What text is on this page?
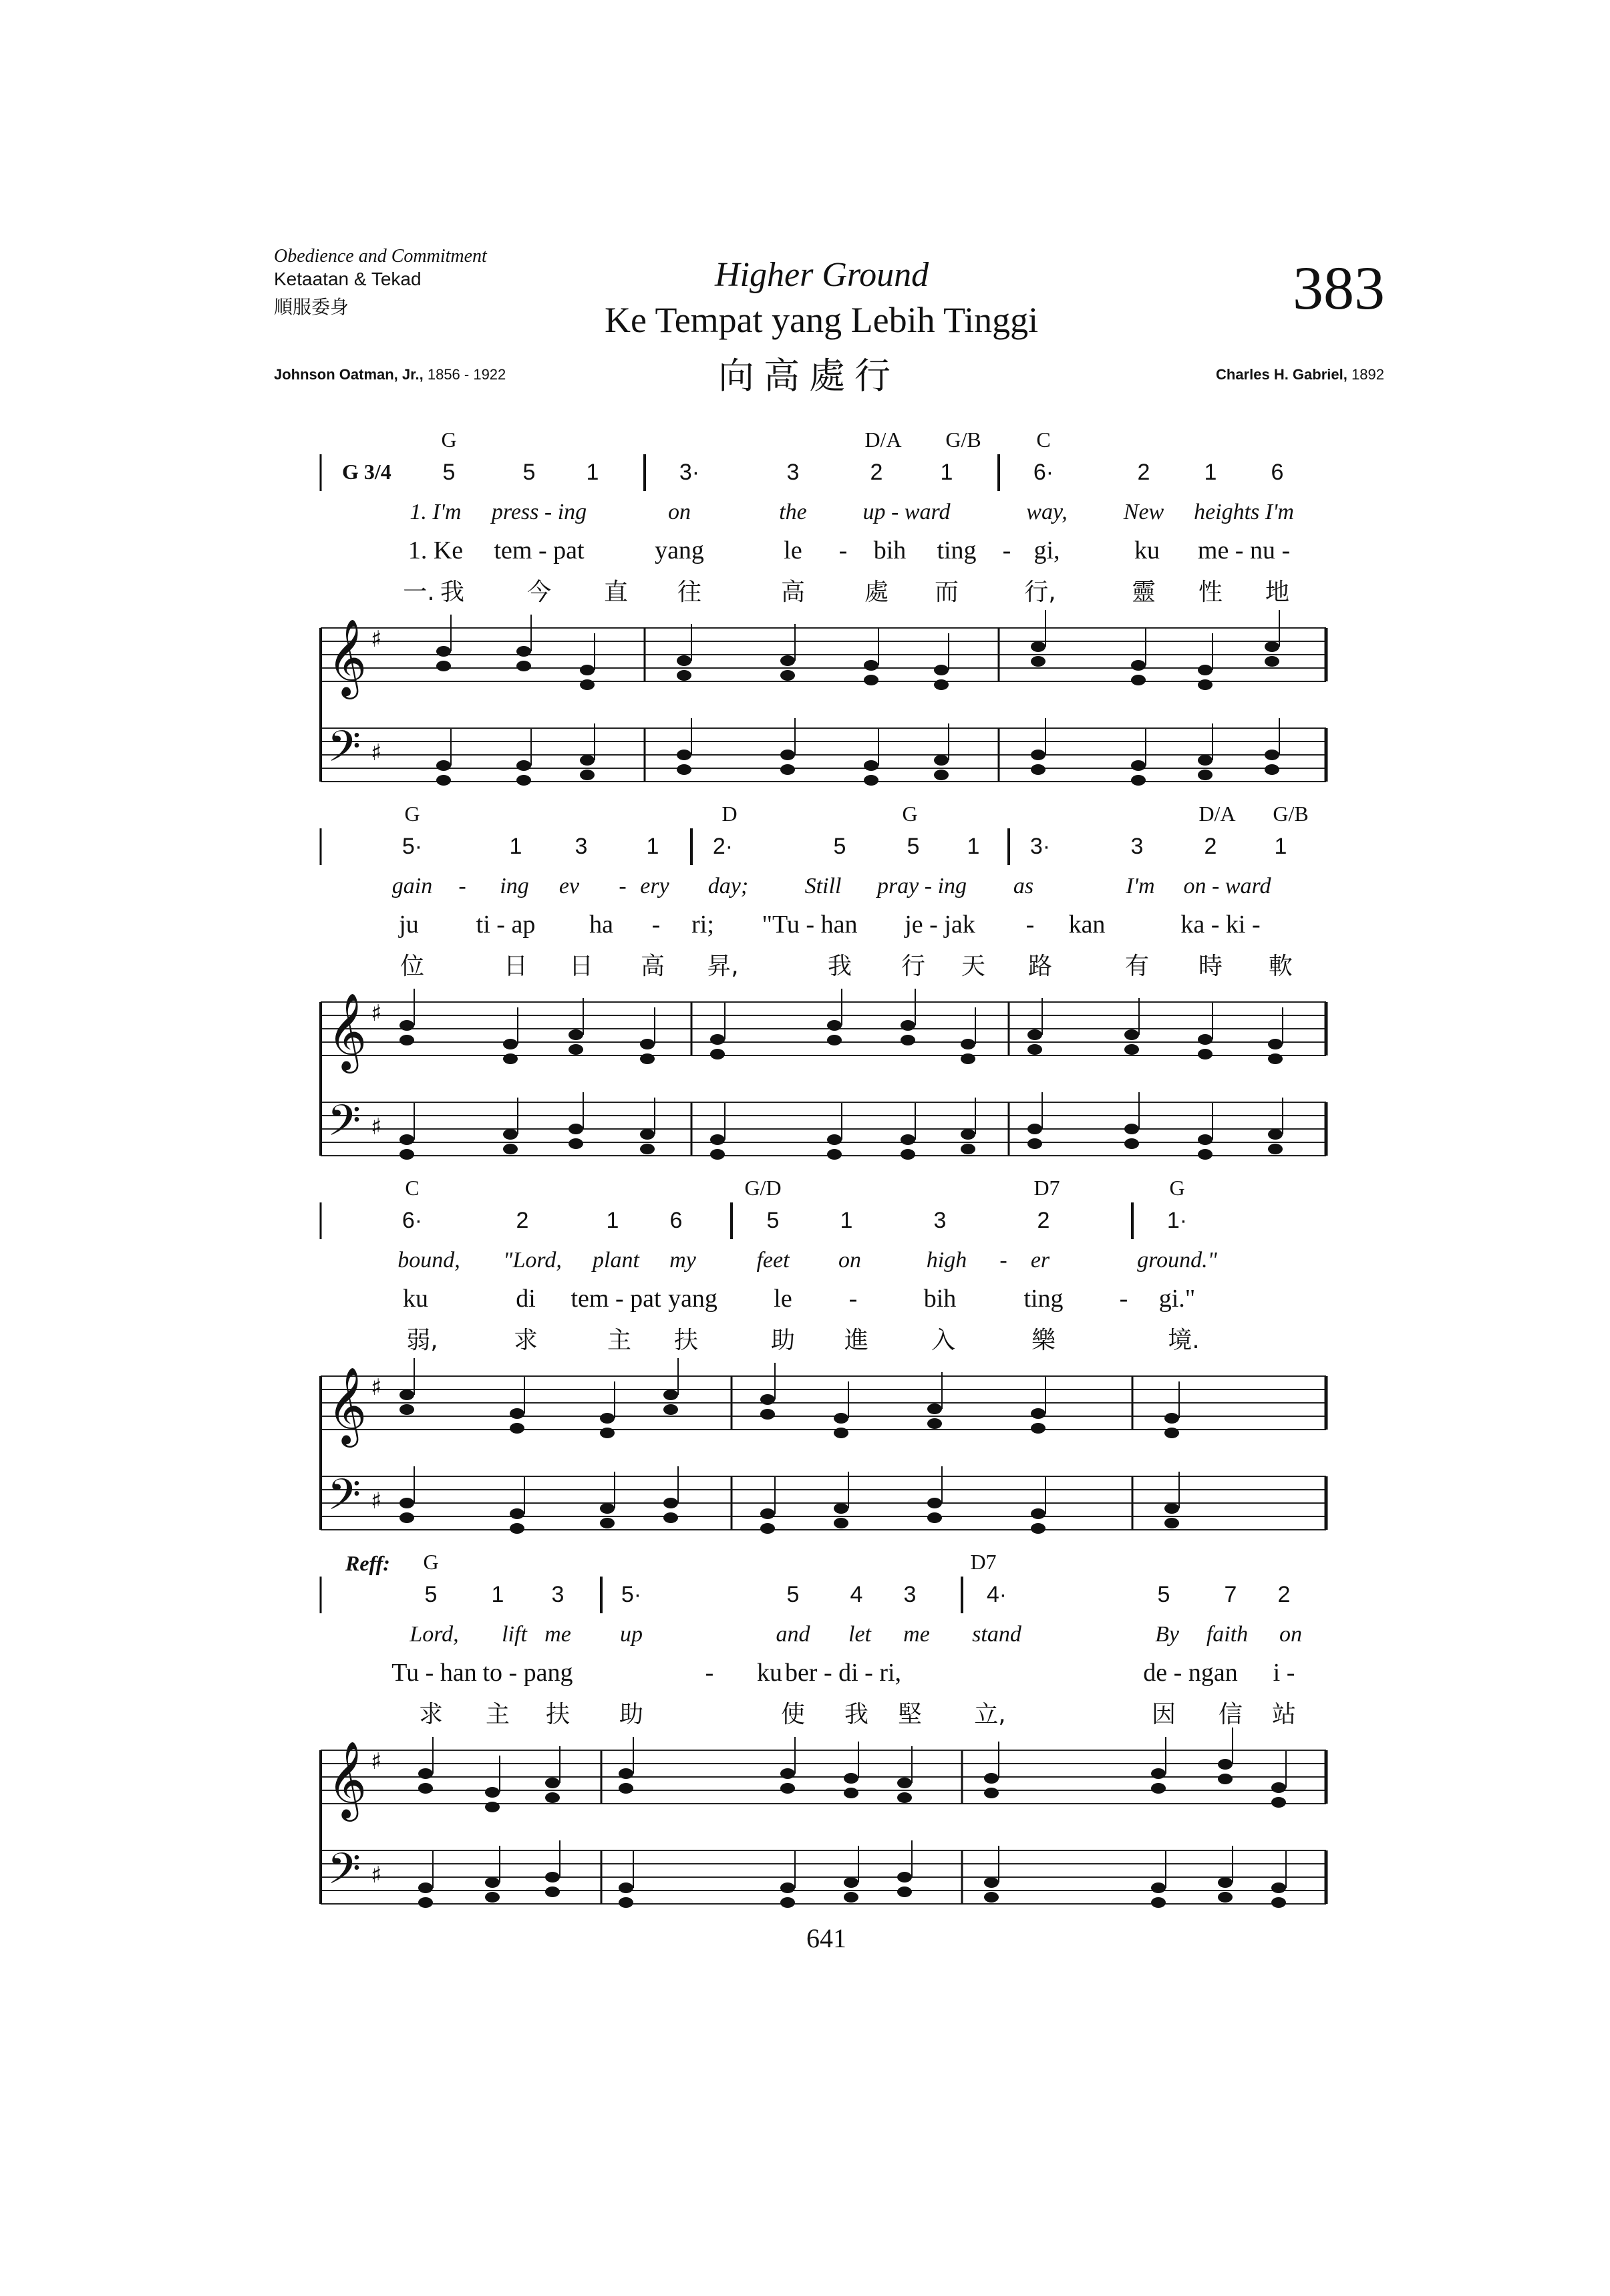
Obedience and Commitment
Ketaatan & Tekad
順服委身
Higher Ground
Ke Tempat yang Lebih Tinggi
向高處行
383
Johnson Oatman, Jr., 1856 - 1922	Charles H. Gabriel, 1892
G 3/4
Reff:
641
𝄞
𝄢
♯
♯
𝄞
𝄢
♯
♯
𝄞
𝄢
♯
♯
𝄞
𝄢
♯
♯
G	D/A G/B	C
5	5 1	3·	3	2	1	6·	2 1 6
1. I'm press - ing	on	the up - ward	way, New heights I'm
1. Ke tem - pat	yang	le - bih ting - gi,	ku me - nu -
一. 我	今 直 往	高 處 而	行,	靈 性 地
G	D	G	D/A G/B
5·	1 3	1 2·	5	5 1 3·	3	2	1
gain - ing ev - ery day; Still pray - ing as	I'm on - ward
ju ti - ap ha - ri; "Tu - han je - jak - kan	ka - ki -
位	日 日 高 昇,	我 行 天 路	有 時 軟
C	G/D	D7	G
6·	2	1 6	5	1	3	2	1·
bound, "Lord, plant my	feet on	high - er	ground."
ku	di tem - pat yang le -	bih	ting - gi."
弱,	求	主 扶	助 進	入	樂	境.
G	D7
5 1 3	5·	5 4 3	4·	5 7 2
Lord, lift me up	and let me stand	By faith on
Tu - han to - pang	- ku ber - di - ri,	de - ngan i -
求 主 扶 助	使 我 堅 立,	因 信 站
